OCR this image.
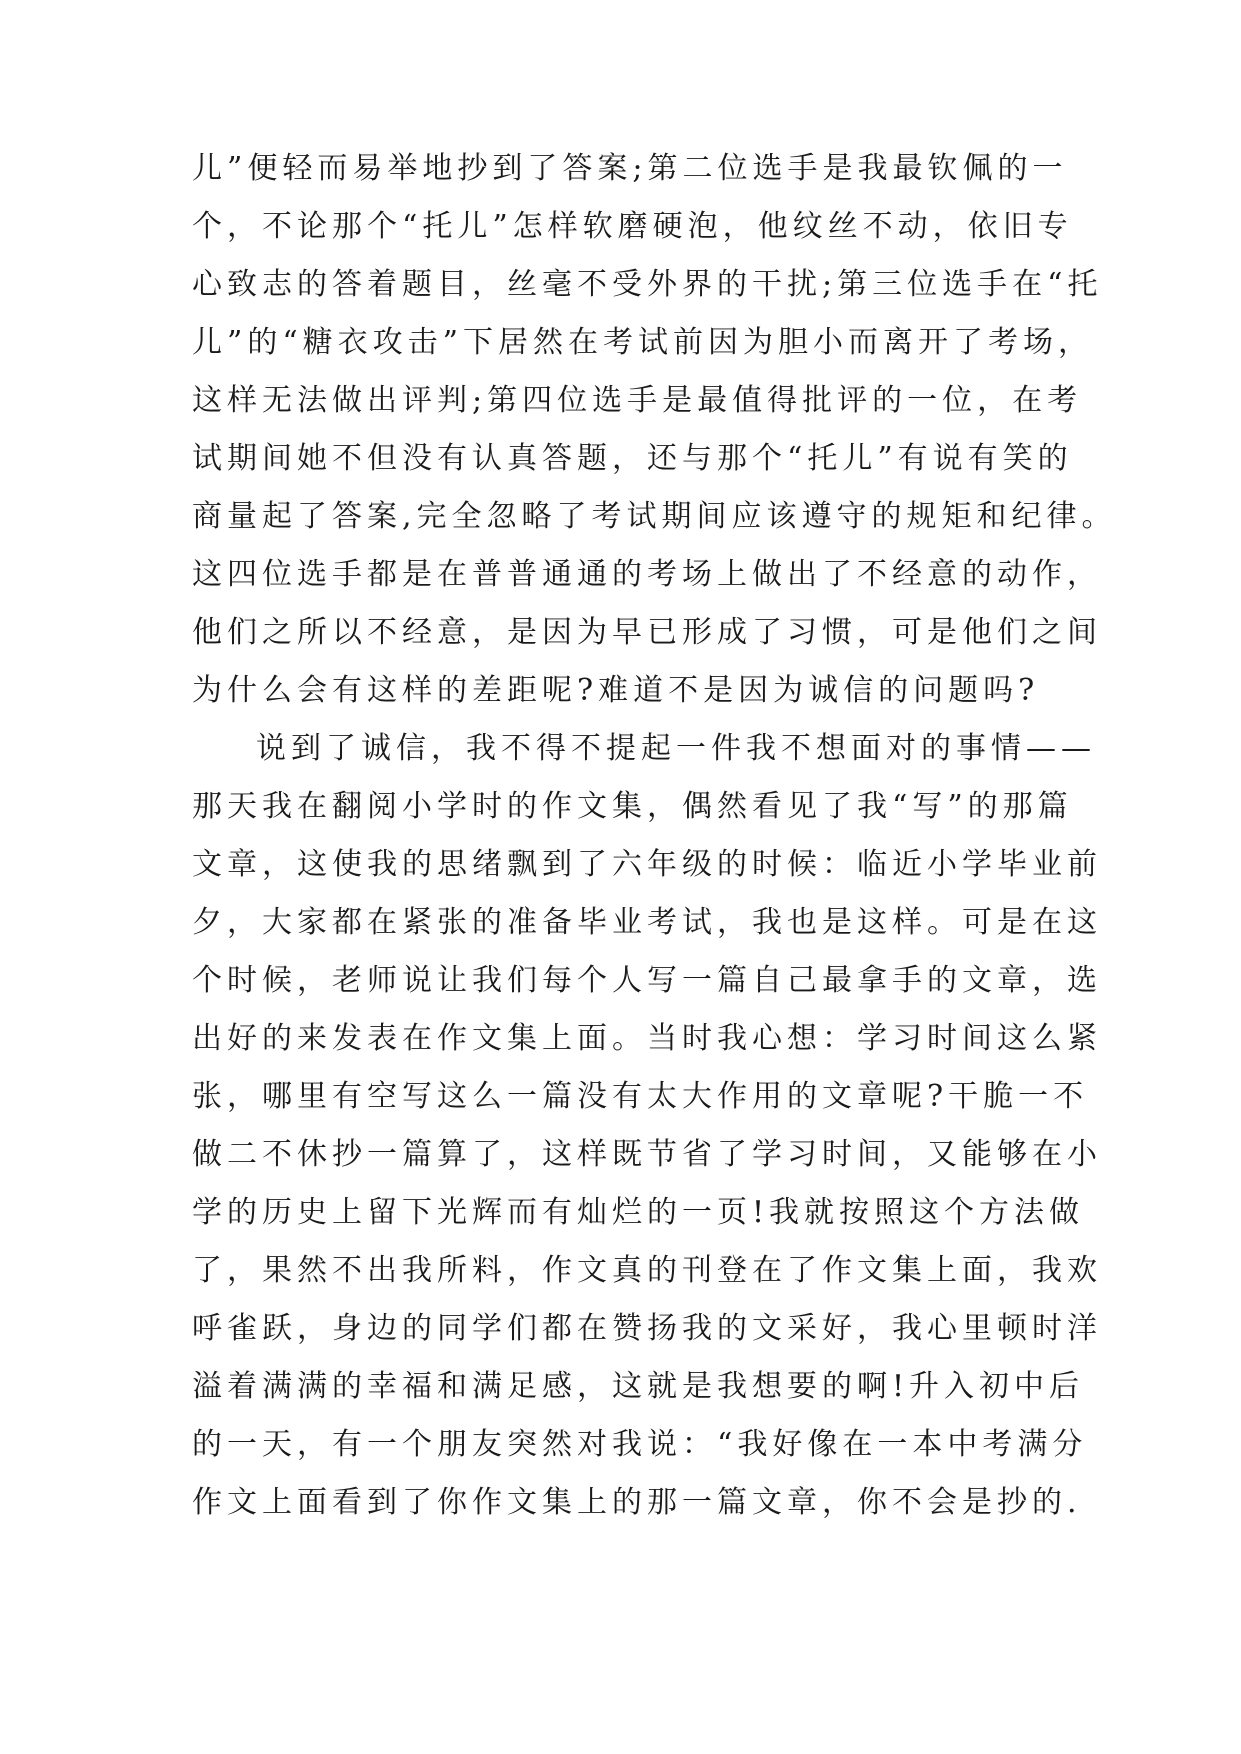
儿”便轻而易举地抄到了答案;第二位选手是我最钦佩的一
个，不论那个“托儿”怎样软磨硬泡，他纹丝不动，依旧专
心致志的答着题目，丝毫不受外界的干扰;第三位选手在“托
儿”的“糖衣攻击”下居然在考试前因为胆小而离开了考场，
这样无法做出评判;第四位选手是最值得批评的一位，在考
试期间她不但没有认真答题，还与那个“托儿”有说有笑的
商量起了答案,完全忽略了考试期间应该遵守的规矩和纪律。
这四位选手都是在普普通通的考场上做出了不经意的动作，
他们之所以不经意，是因为早已形成了习惯，可是他们之间
为什么会有这样的差距呢?难道不是因为诚信的问题吗?
说到了诚信，我不得不提起一件我不想面对的事情——
那天我在翻阅小学时的作文集，偶然看见了我“写”的那篇
文章，这使我的思绪飘到了六年级的时候：临近小学毕业前
夕，大家都在紧张的准备毕业考试，我也是这样。可是在这
个时候，老师说让我们每个人写一篇自己最拿手的文章，选
出好的来发表在作文集上面。当时我心想：学习时间这么紧
张，哪里有空写这么一篇没有太大作用的文章呢?干脆一不
做二不休抄一篇算了，这样既节省了学习时间，又能够在小
学的历史上留下光辉而有灿烂的一页!我就按照这个方法做
了，果然不出我所料，作文真的刊登在了作文集上面，我欢
呼雀跃，身边的同学们都在赞扬我的文采好，我心里顿时洋
溢着满满的幸福和满足感，这就是我想要的啊!升入初中后
的一天，有一个朋友突然对我说：“我好像在一本中考满分
作文上面看到了你作文集上的那一篇文章，你不会是抄的.
